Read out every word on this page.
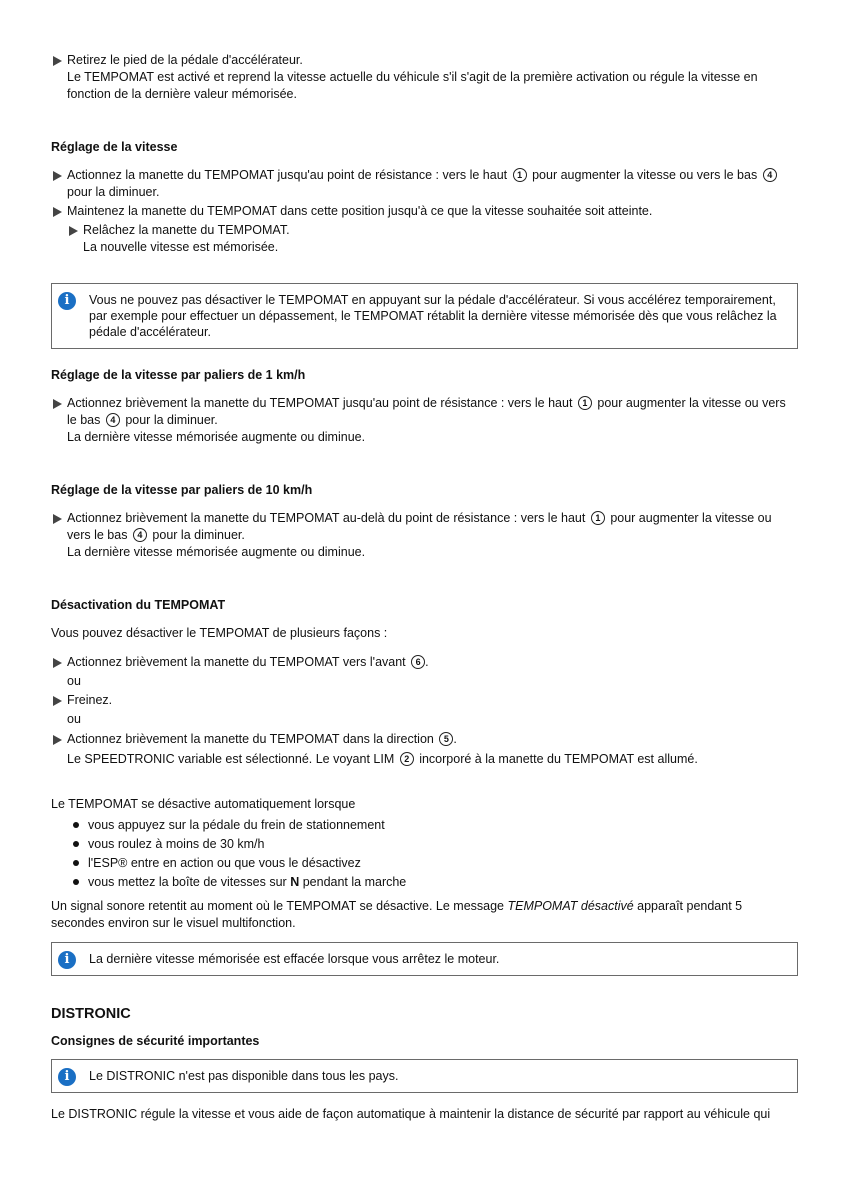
Retirez le pied de la pédale d'accélérateur.

Le TEMPOMAT est activé et reprend la vitesse actuelle du véhicule s'il s'agit de la première activation ou régule la vitesse en fonction de la dernière valeur mémorisée.

Réglage de la vitesse

Actionnez la manette du TEMPOMAT jusqu'au point de résistance : vers le haut 1 pour augmenter la vitesse ou vers le bas 4 pour la diminuer.
Maintenez la manette du TEMPOMAT dans cette position jusqu'à ce que la vitesse souhaitée soit atteinte.
Relâchez la manette du TEMPOMAT.

La nouvelle vitesse est mémorisée.

i	Vous ne pouvez pas désactiver le TEMPOMAT en appuyant sur la pédale d'accélérateur. Si vous accélérez temporairement, par exemple pour effectuer un dépassement, le TEMPOMAT rétablit la dernière vitesse mémorisée dès que vous relâchez la pédale d'accélérateur.

Réglage de la vitesse par paliers de 1 km/h

Actionnez brièvement la manette du TEMPOMAT jusqu'au point de résistance : vers le haut 1 pour augmenter la vitesse ou vers le bas 4 pour la diminuer.

La dernière vitesse mémorisée augmente ou diminue.

Réglage de la vitesse par paliers de 10 km/h

Actionnez brièvement la manette du TEMPOMAT au-delà du point de résistance : vers le haut 1 pour augmenter la vitesse ou vers le bas 4 pour la diminuer.

La dernière vitesse mémorisée augmente ou diminue.

Désactivation du TEMPOMAT

Vous pouvez désactiver le TEMPOMAT de plusieurs façons :

Actionnez brièvement la manette du TEMPOMAT vers l'avant 6 .

ou

Freinez.

ou

Actionnez brièvement la manette du TEMPOMAT dans la direction 5 .

Le SPEEDTRONIC variable est sélectionné. Le voyant LIM 2 incorporé à la manette du TEMPOMAT est allumé.

Le TEMPOMAT se désactive automatiquement lorsque

vous appuyez sur la pédale du frein de stationnement
vous roulez à moins de 30 km/h
l'ESP® entre en action ou que vous le désactivez
vous mettez la boîte de vitesses sur N pendant la marche

Un signal sonore retentit au moment où le TEMPOMAT se désactive. Le message TEMPOMAT désactivé apparaît pendant 5 secondes environ sur le visuel multifonction.

i	La dernière vitesse mémorisée est effacée lorsque vous arrêtez le moteur.

DISTRONIC

Consignes de sécurité importantes

i	Le DISTRONIC n'est pas disponible dans tous les pays.

Le DISTRONIC régule la vitesse et vous aide de façon automatique à maintenir la distance de sécurité par rapport au véhicule qui
